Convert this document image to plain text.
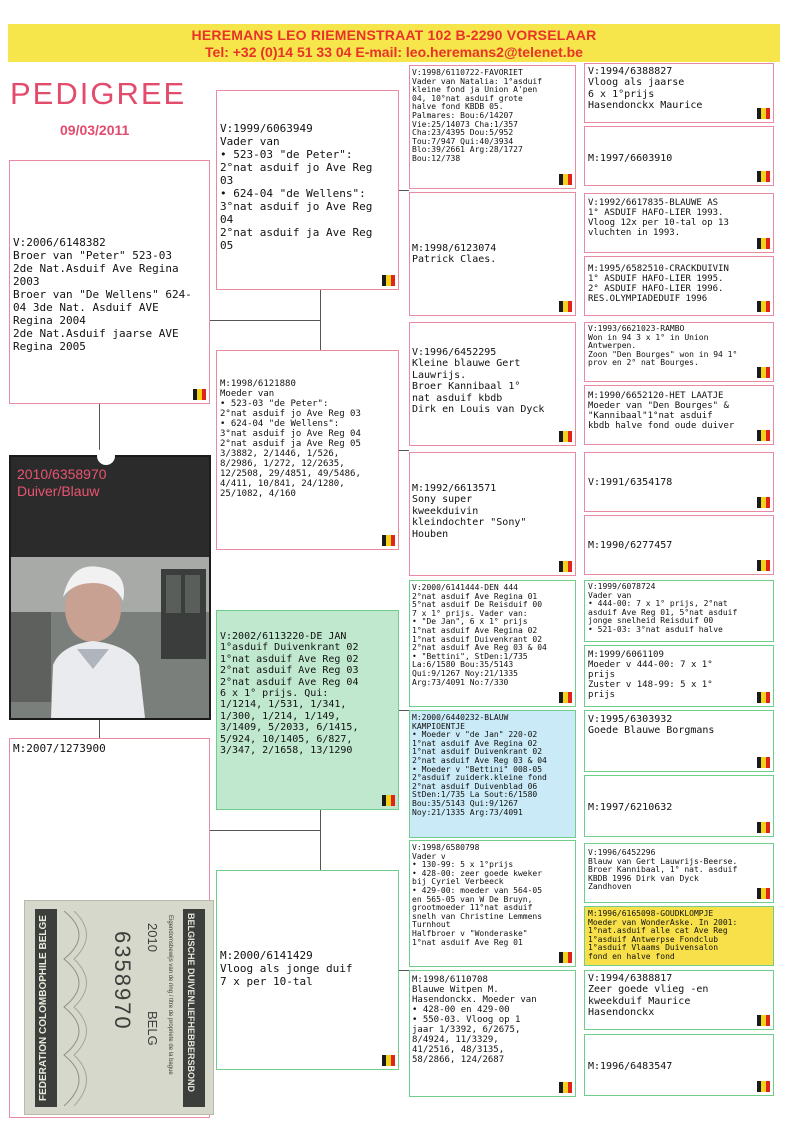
HEREMANS LEO RIEMENSTRAAT 102 B-2290 VORSELAAR
Tel: +32 (0)14 51 33 04 E-mail: leo.heremans2@telenet.be
PEDIGREE
09/03/2011
V:2006/6148382
Broer van "Peter" 523-03
2de Nat.Asduif Ave Regina
2003
Broer van "De Wellens" 624-
04 3de Nat. Asduif AVE
Regina 2004
2de Nat.Asduif jaarse AVE
Regina 2005
2010/6358970
Duiver/Blauw
M:2007/1273900
V:1999/6063949
Vader van
• 523-03 "de Peter":
2°nat asduif jo Ave Reg
03
• 624-04 "de Wellens":
3°nat asduif jo Ave Reg
04
2°nat asduif ja Ave Reg
05
M:1998/6121880
Moeder van
• 523-03 "de Peter":
2°nat asduif jo Ave Reg 03
• 624-04 "de Wellens":
3°nat asduif jo Ave Reg 04
2°nat asduif ja Ave Reg 05
3/3882, 2/1446, 1/526,
8/2986, 1/272, 12/2635,
12/2508, 29/4851, 49/5486,
4/411, 10/841, 24/1280,
25/1082, 4/160
V:2002/6113220-DE JAN
1°asduif Duivenkrant 02
1°nat asduif Ave Reg 02
2°nat asduif Ave Reg 03
2°nat asduif Ave Reg 04
6 x 1° prijs. Qui:
1/1214, 1/531, 1/341,
1/300, 1/214, 1/149,
3/1409, 5/2033, 6/1415,
5/924, 10/1405, 6/827,
3/347, 2/1658, 13/1290
M:2000/6141429
Vloog als jonge duif
7 x per 10-tal
V:1998/6110722-FAVORIET
Vader van Natalia: 1°asduif
kleine fond ja Union A'pen
04, 10°nat asduif grote
halve fond KBDB 05.
Palmares: Bou:6/14207
Vie:25/14073 Cha:1/357
Cha:23/4395 Dou:5/952
Tou:7/947 Qui:40/3934
Blo:39/2661 Arg:28/1727
Bou:12/738
M:1998/6123074
Patrick Claes.
V:1996/6452295
Kleine blauwe Gert
Lauwrijs.
Broer Kannibaal 1°
nat asduif kbdb
Dirk en Louis van Dyck
M:1992/6613571
Sony super
kweekduivin
kleindochter "Sony"
Houben
V:2000/6141444-DEN 444
2°nat asduif Ave Regina 01
5°nat asduif De Reisduif 00
7 x 1° prijs. Vader van:
• "De Jan", 6 x 1° prijs
1°nat asduif Ave Regina 02
1°nat asduif Duivenkrant 02
2°nat asduif Ave Reg 03 & 04
• "Bettini", StDen:1/735
La:6/1580 Bou:35/5143
Qui:9/1267 Noy:21/1335
Arg:73/4091 No:7/330
M:2000/6440232-BLAUW
KAMPIOENTJE
• Moeder v "de Jan" 220-02
1°nat asduif Ave Regina 02
1°nat asduif Duivenkrant 02
2°nat asduif Ave Reg 03 & 04
• Moeder v "Bettini" 008-05
2°asduif zuiderk.kleine fond
2°nat asduif Duivenblad 06
StDen:1/735 La Sout:6/1580
Bou:35/5143 Qui:9/1267
Noy:21/1335 Arg:73/4091
V:1998/6580798
Vader v
• 130-99: 5 x 1°prijs
• 428-00: zeer goede kweker
bij Cyriel Verbeeck
• 429-00: moeder van 564-05
en 565-05 van W De Bruyn,
grootmoeder 11°nat asduif
snelh van Christine Lemmens
Turnhout
Halfbroer v "Wonderaske"
1°nat asduif Ave Reg 01
M:1998/6110708
Blauwe Witpen M.
Hasendonckx. Moeder van
• 428-00 en 429-00
• 550-03. Vloog op 1
jaar 1/3392, 6/2675,
8/4924, 11/3329,
41/2516, 48/3135,
58/2866, 124/2687
V:1994/6388827
Vloog als jaarse
6 x 1°prijs
Hasendonckx Maurice
M:1997/6603910
V:1992/6617835-BLAUWE AS
1° ASDUIF HAFO-LIER 1993.
Vloog 12x per 10-tal op 13
vluchten in 1993.
M:1995/6582510-CRACKDUIVIN
1° ASDUIF HAFO-LIER 1995.
2° ASDUIF HAFO-LIER 1996.
RES.OLYMPIADEDUIF 1996
V:1993/6621023-RAMBO
Won in 94 3 x 1° in Union
Antwerpen.
Zoon "Den Bourges" won in 94 1°
prov en 2° nat Bourges.
M:1990/6652120-HET LAATJE
Moeder van "Den Bourges" &
"Kannibaal"1°nat asduif
kbdb halve fond oude duiver
V:1991/6354178
M:1990/6277457
V:1999/6078724
Vader van
• 444-00: 7 x 1° prijs, 2°nat
asduif Ave Reg 01, 5°nat asduif
jonge snelheid Reisduif 00
• 521-03: 3°nat asduif halve
M:1999/6061109
Moeder v 444-00: 7 x 1°
prijs
Zuster v 148-99: 5 x 1°
prijs
V:1995/6303932
Goede Blauwe Borgmans
M:1997/6210632
V:1996/6452296
Blauw van Gert Lauwrijs-Beerse.
Broer Kannibaal, 1° nat. asduif
KBDB 1996 Dirk van Dyck
Zandhoven
M:1996/6165098-GOUDKLOMPJE
Moeder van WonderAske. In 2001:
1°nat.asduif alle cat Ave Reg
1°asduif Antwerpse Fondclub
1°asduif Vlaams Duivensalon
fond en halve fond
V:1994/6388817
Zeer goede vlieg -en
kweekduif Maurice
Hasendonckx
M:1996/6483547
FEDERATION COLOMBOPHILE BELGE	BELGISCHE DUIVENLIEFHEBBERSBOND
2010
BELG
6358970	Eigendomsbewijs van de ring / titre de propriete de la bague
